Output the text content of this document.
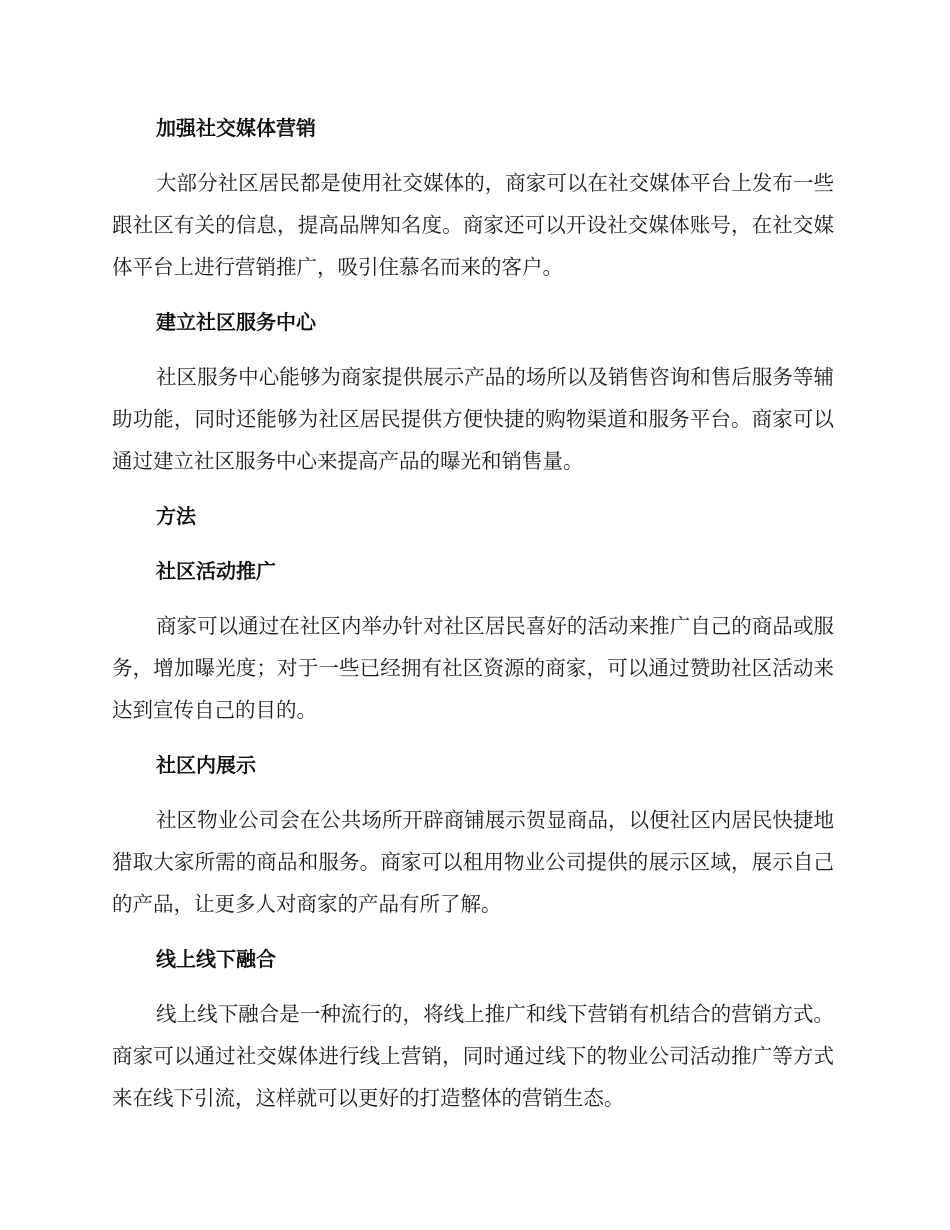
加强社交媒体营销

大部分社区居民都是使用社交媒体的，商家可以在社交媒体平台上发布一些跟社区有关的信息，提高品牌知名度。商家还可以开设社交媒体账号，在社交媒体平台上进行营销推广，吸引住慕名而来的客户。

建立社区服务中心

社区服务中心能够为商家提供展示产品的场所以及销售咨询和售后服务等辅助功能，同时还能够为社区居民提供方便快捷的购物渠道和服务平台。商家可以通过建立社区服务中心来提高产品的曝光和销售量。

方法
社区活动推广

商家可以通过在社区内举办针对社区居民喜好的活动来推广自己的商品或服务，增加曝光度；对于一些已经拥有社区资源的商家，可以通过赞助社区活动来达到宣传自己的目的。

社区内展示

社区物业公司会在公共场所开辟商铺展示贺显商品，以便社区内居民快捷地猎取大家所需的商品和服务。商家可以租用物业公司提供的展示区域，展示自己的产品，让更多人对商家的产品有所了解。

线上线下融合

线上线下融合是一种流行的，将线上推广和线下营销有机结合的营销方式。商家可以通过社交媒体进行线上营销，同时通过线下的物业公司活动推广等方式来在线下引流，这样就可以更好的打造整体的营销生态。
